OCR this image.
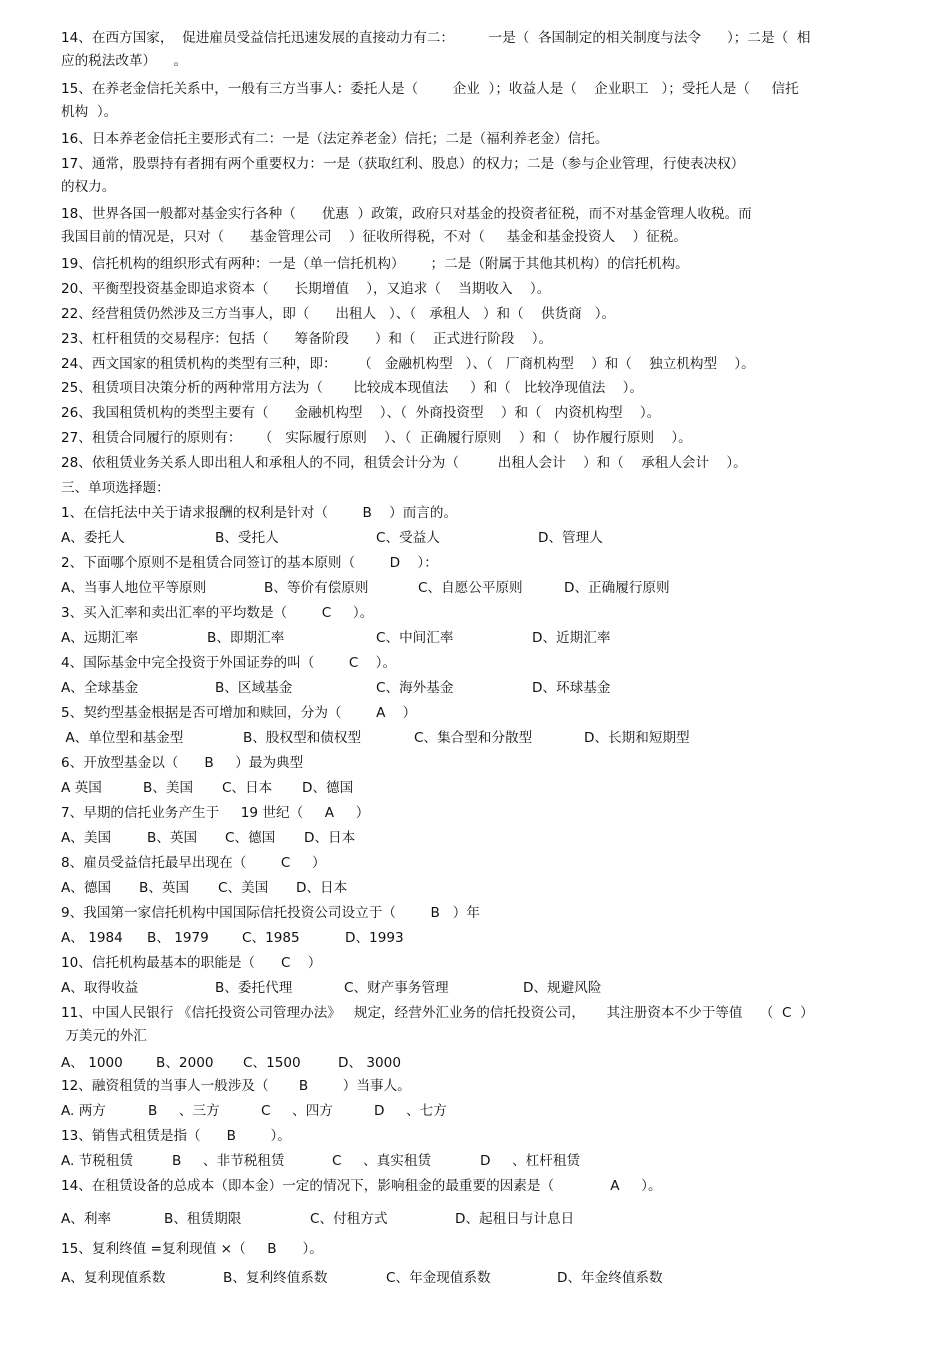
14、在西方国家，  促进雇员受益信托迅速发展的直接动力有二：        一是（  各国制定的相关制度与法令      ）；二是（  相
应的税法改革）    。
15、在养老金信托关系中，一般有三方当事人：委托人是（        企业  ）；收益人是（    企业职工   ）；受托人是（     信托
机构  ）。
16、日本养老金信托主要形式有二：一是（法定养老金）信托；二是（福利养老金）信托。
17、通常，股票持有者拥有两个重要权力：一是（获取红利、股息）的权力；二是（参与企业管理，行使表决权）
的权力。
18、世界各国一般都对基金实行各种（      优惠  ）政策，政府只对基金的投资者征税，而不对基金管理人收税。而
我国目前的情况是，只对（      基金管理公司    ）征收所得税，不对（     基金和基金投资人    ）征税。
19、信托机构的组织形式有两种：一是（单一信托机构）      ；二是（附属于其他其机构）的信托机构。
20、平衡型投资基金即追求资本（      长期增值    ），又追求（    当期收入    ）。
22、经营租赁仍然涉及三方当事人，即（      出租人   ）、（   承租人   ）和（    供货商   ）。
23、杠杆租赁的交易程序：包括（      筹备阶段      ）和（    正式进行阶段    ）。
24、西文国家的租赁机构的类型有三种，即：     （   金融机构型   ）、（   厂商机构型    ）和（    独立机构型    ）。
25、租赁项目决策分析的两种常用方法为（       比较成本现值法     ）和（   比较净现值法    ）。
26、我国租赁机构的类型主要有（      金融机构型    ）、（  外商投资型    ）和（   内资机构型    ）。
27、租赁合同履行的原则有：    （   实际履行原则    ）、（  正确履行原则    ）和（   协作履行原则    ）。
28、依租赁业务关系人即出租人和承租人的不同，租赁会计分为（         出租人会计    ）和（    承租人会计    ）。
三、单项选择题：
1、在信托法中关于请求报酬的权利是针对（        B    ）而言的。
A、委托人	B、受托人	C、受益人	D、管理人
2、下面哪个原则不是租赁合同签订的基本原则（        D    ）：
A、当事人地位平等原则	B、等价有偿原则	C、自愿公平原则	D、正确履行原则
3、买入汇率和卖出汇率的平均数是（        C     ）。
A、远期汇率	B、即期汇率	C、中间汇率	D、近期汇率
4、国际基金中完全投资于外国证券的叫（        C    ）。
A、全球基金	B、区域基金	C、海外基金	D、环球基金
5、契约型基金根据是否可增加和赎回，分为（        A    ）
A、单位型和基金型	B、股权型和债权型	C、集合型和分散型	D、长期和短期型
6、开放型基金以（      B     ）最为典型
A 英国	B、美国 C、日本 D、德国
7、早期的信托业务产生于     19 世纪（     A     ）
A、美国	B、英国 C、德国 D、日本
8、雇员受益信托最早出现在（        C     ）
A、德国 B、英国 C、美国 D、日本
9、我国第一家信托机构中国国际信托投资公司设立于（        B   ）年
A、 1984 B、 1979 C、1985	D、1993
10、信托机构最基本的职能是（      C    ）
A、取得收益	B、委托代理	C、财产事务管理	D、规避风险
11、中国人民银行 《信托投资公司管理办法》   规定，经营外汇业务的信托投资公司，     其注册资本不少于等值    （  C  ）
万美元的外汇
A、 1000 B、2000 C、1500	D、 3000
12、融资租赁的当事人一般涉及（       B        ）当事人。
A. 两方	B     、三方	C     、四方	D     、七方
13、销售式租赁是指（      B        ）。
A. 节税租赁	B     、非节税租赁	C     、真实租赁	D     、杠杆租赁
14、在租赁设备的总成本（即本金）一定的情况下，影响租金的最重要的因素是（             A     ）。
A、利率	B、租赁期限	C、付租方式	D、起租日与计息日
15、复利终值 =复利现值 ×（     B      ）。
A、复利现值系数	B、复利终值系数	C、年金现值系数	D、年金终值系数
